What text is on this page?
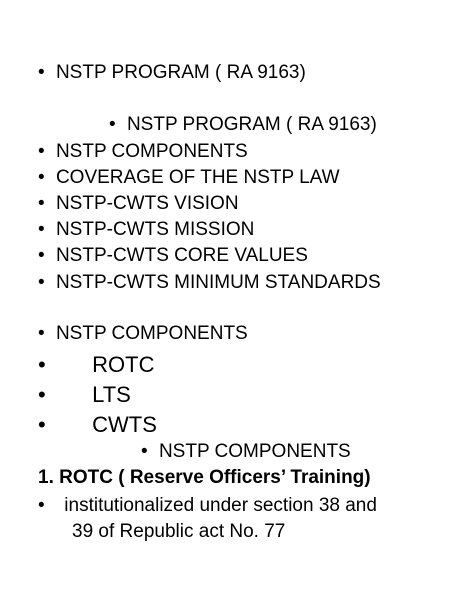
• NSTP PROGRAM ( RA 9163)
• NSTP PROGRAM ( RA 9163)
• NSTP COMPONENTS
• COVERAGE OF THE NSTP LAW
• NSTP-CWTS VISION
• NSTP-CWTS MISSION
• NSTP-CWTS CORE VALUES
• NSTP-CWTS MINIMUM STANDARDS
• NSTP COMPONENTS
• ROTC
• LTS
• CWTS
• NSTP COMPONENTS
1. ROTC ( Reserve Officers’ Training)
• institutionalized under section 38 and
39 of Republic act No. 77
